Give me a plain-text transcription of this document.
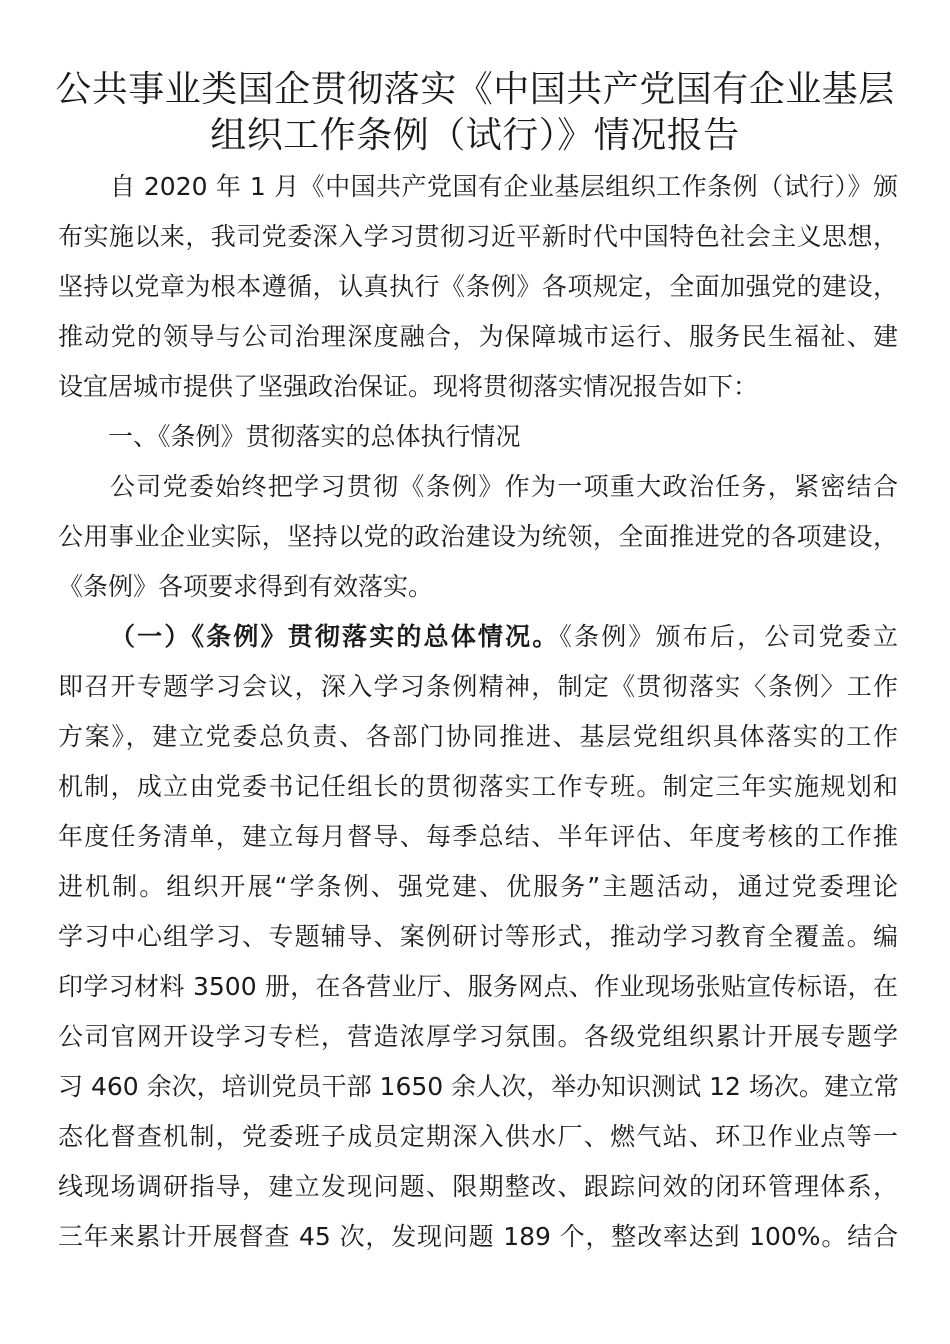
公共事业类国企贯彻落实《中国共产党国有企业基层
组织工作条例（试行）》情况报告
自 2020 年 1 月《中国共产党国有企业基层组织工作条例（试行）》颁
布实施以来，我司党委深入学习贯彻习近平新时代中国特色社会主义思想，
坚持以党章为根本遵循，认真执行《条例》各项规定，全面加强党的建设，
推动党的领导与公司治理深度融合，为保障城市运行、服务民生福祉、建
设宜居城市提供了坚强政治保证。现将贯彻落实情况报告如下：
一、《条例》贯彻落实的总体执行情况
公司党委始终把学习贯彻《条例》作为一项重大政治任务，紧密结合
公用事业企业实际，坚持以党的政治建设为统领，全面推进党的各项建设，
《条例》各项要求得到有效落实。
（一）《条例》贯彻落实的总体情况。《条例》颁布后，公司党委立
即召开专题学习会议，深入学习条例精神，制定《贯彻落实〈条例〉工作
方案》，建立党委总负责、各部门协同推进、基层党组织具体落实的工作
机制，成立由党委书记任组长的贯彻落实工作专班。制定三年实施规划和
年度任务清单，建立每月督导、每季总结、半年评估、年度考核的工作推
进机制。组织开展“学条例、强党建、优服务”主题活动，通过党委理论
学习中心组学习、专题辅导、案例研讨等形式，推动学习教育全覆盖。编
印学习材料 3500 册，在各营业厅、服务网点、作业现场张贴宣传标语，在
公司官网开设学习专栏，营造浓厚学习氛围。各级党组织累计开展专题学
习 460 余次，培训党员干部 1650 余人次，举办知识测试 12 场次。建立常
态化督查机制，党委班子成员定期深入供水厂、燃气站、环卫作业点等一
线现场调研指导，建立发现问题、限期整改、跟踪问效的闭环管理体系，
三年来累计开展督查 45 次，发现问题 189 个，整改率达到 100%。结合
